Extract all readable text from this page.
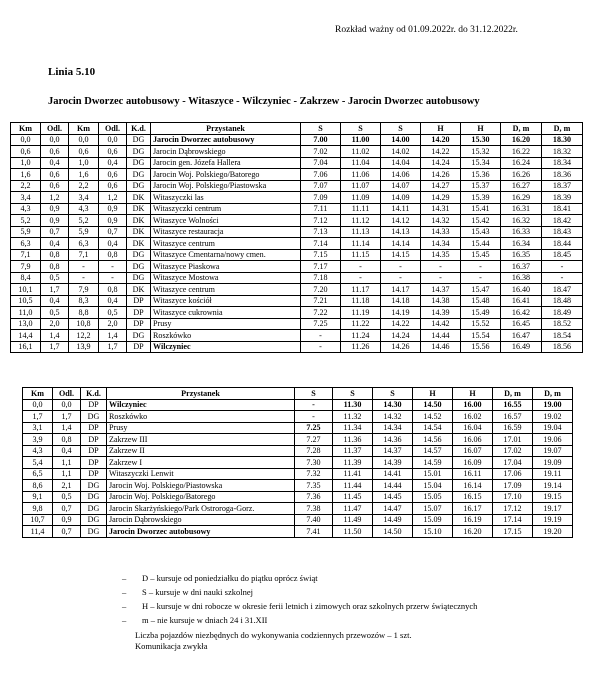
Rozkład ważny od 01.09.2022r. do 31.12.2022r.
Linia 5.10
Jarocin Dworzec autobusowy - Witaszyce - Wilczyniec - Zakrzew - Jarocin Dworzec autobusowy
Km	Odl.	Km	Odl.	K.d.	Przystanek	S	S	S	H	H	D, m	D, m
0,0	0,0	0,0	0,0	DG	Jarocin Dworzec autobusowy	7.00	11.00	14.00	14.20	15.30	16.20	18.30
0,6	0,6	0,6	0,6	DG	Jarocin Dąbrowskiego	7.02	11.02	14.02	14.22	15.32	16.22	18.32
1,0	0,4	1,0	0,4	DG	Jarocin gen. Józefa Hallera	7.04	11.04	14.04	14.24	15.34	16.24	18.34
1,6	0,6	1,6	0,6	DG	Jarocin Woj. Polskiego/Batorego	7.06	11.06	14.06	14.26	15.36	16.26	18.36
2,2	0,6	2,2	0,6	DG	Jarocin Woj. Polskiego/Piastowska	7.07	11.07	14.07	14.27	15.37	16.27	18.37
3,4	1,2	3,4	1,2	DK	Witaszyczki las	7.09	11.09	14.09	14.29	15.39	16.29	18.39
4,3	0,9	4,3	0,9	DK	Witaszyczki centrum	7.11	11.11	14.11	14.31	15.41	16.31	18.41
5,2	0,9	5,2	0,9	DK	Witaszyce Wolności	7.12	11.12	14.12	14.32	15.42	16.32	18.42
5,9	0,7	5,9	0,7	DK	Witaszyce restauracja	7.13	11.13	14.13	14.33	15.43	16.33	18.43
6,3	0,4	6,3	0,4	DK	Witaszyce centrum	7.14	11.14	14.14	14.34	15.44	16.34	18.44
7,1	0,8	7,1	0,8	DG	Witaszyce Cmentarna/nowy cmen.	7.15	11.15	14.15	14.35	15.45	16.35	18.45
7,9	0,8	-	-	DG	Witaszyce Piaskowa	7.17	-	-	-	-	16.37	-
8,4	0,5	-	-	DG	Witaszyce Mostowa	7.18	-	-	-	-	16.38	-
10,1	1,7	7,9	0,8	DK	Witaszyce centrum	7.20	11.17	14.17	14.37	15.47	16.40	18.47
10,5	0,4	8,3	0,4	DP	Witaszyce kościół	7.21	11.18	14.18	14.38	15.48	16.41	18.48
11,0	0,5	8,8	0,5	DP	Witaszyce cukrownia	7.22	11.19	14.19	14.39	15.49	16.42	18.49
13,0	2,0	10,8	2,0	DP	Prusy	7.25	11.22	14.22	14.42	15.52	16.45	18.52
14,4	1,4	12,2	1,4	DG	Roszkówko	-	11.24	14.24	14.44	15.54	16.47	18.54
16,1	1,7	13,9	1,7	DP	Wilczyniec	-	11.26	14.26	14.46	15.56	16.49	18.56
Km	Odl.	K.d.	Przystanek	S	S	S	H	H	D, m	D, m
0,0	0,0	DP	Wilczyniec	-	11.30	14.30	14.50	16.00	16.55	19.00
1,7	1,7	DG	Roszkówko	-	11.32	14.32	14.52	16.02	16.57	19.02
3,1	1,4	DP	Prusy	7.25	11.34	14.34	14.54	16.04	16.59	19.04
3,9	0,8	DP	Zakrzew III	7.27	11.36	14.36	14.56	16.06	17.01	19.06
4,3	0,4	DP	Zakrzew II	7.28	11.37	14.37	14.57	16.07	17.02	19.07
5,4	1,1	DP	Zakrzew I	7.30	11.39	14.39	14.59	16.09	17.04	19.09
6,5	1,1	DP	Witaszyczki Lenwit	7.32	11.41	14.41	15.01	16.11	17.06	19.11
8,6	2,1	DG	Jarocin Woj. Polskiego/Piastowska	7.35	11.44	14.44	15.04	16.14	17.09	19.14
9,1	0,5	DG	Jarocin Woj. Polskiego/Batorego	7.36	11.45	14.45	15.05	16.15	17.10	19.15
9,8	0,7	DG	Jarocin Skarżyńskiego/Park Ostroroga-Gorz.	7.38	11.47	14.47	15.07	16.17	17.12	19.17
10,7	0,9	DG	Jarocin Dąbrowskiego	7.40	11.49	14.49	15.09	16.19	17.14	19.19
11,4	0,7	DG	Jarocin Dworzec autobusowy	7.41	11.50	14.50	15.10	16.20	17.15	19.20
– D – kursuje od poniedziałku do piątku oprócz świąt
– S – kursuje w dni nauki szkolnej
– H – kursuje w dni robocze w okresie ferii letnich i zimowych oraz szkolnych przerw świątecznych
– m – nie kursuje w dniach 24 i 31.XII
Liczba pojazdów niezbędnych do wykonywania codziennych przewozów – 1 szt.
Komunikacja zwykła
